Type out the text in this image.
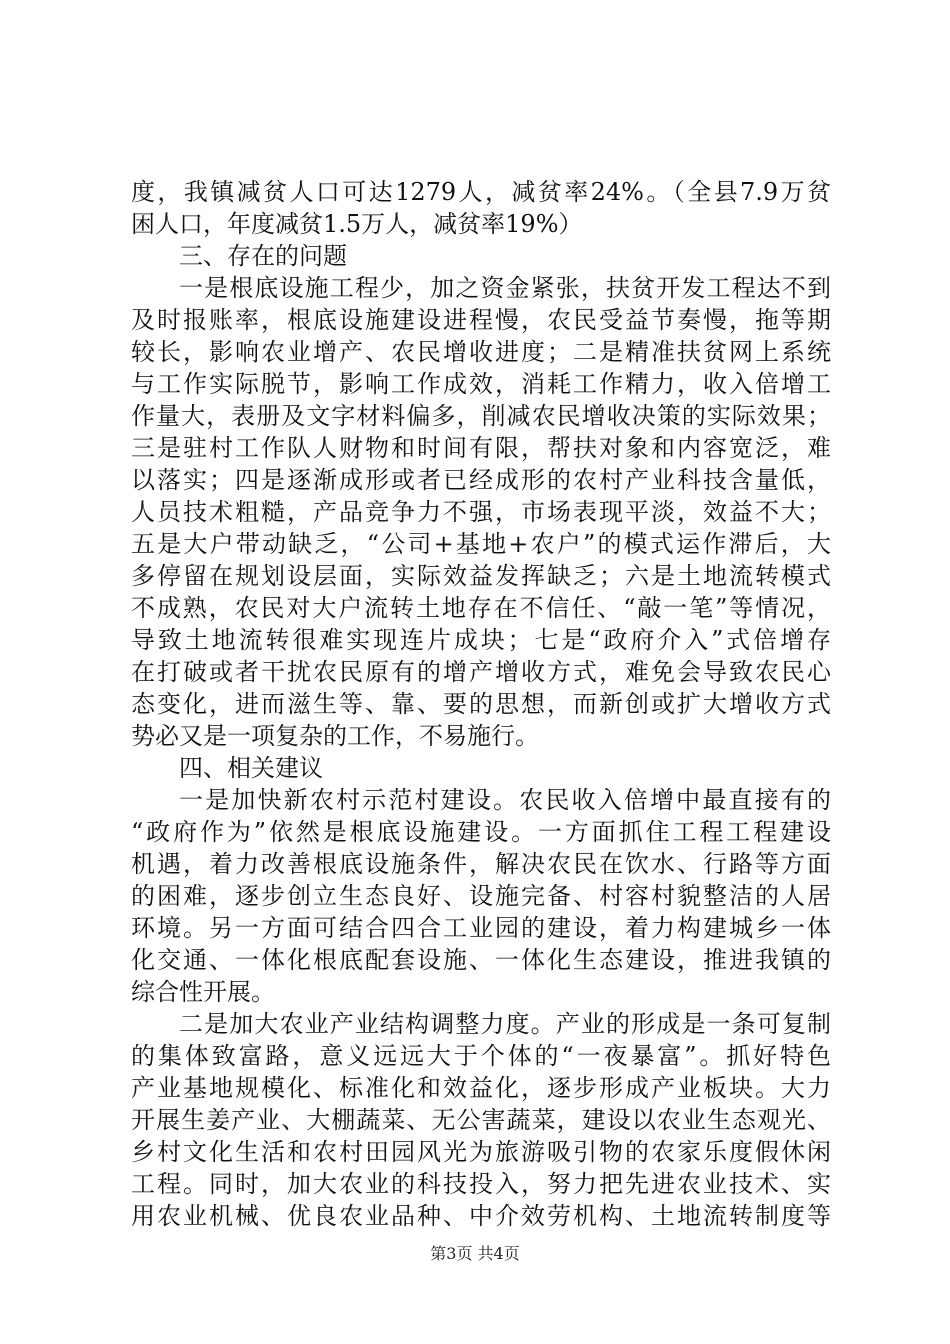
度，我镇减贫人口可达1279人，减贫率24%。（全县7.9万贫
困人口，年度减贫1.5万人，减贫率19%）
三、存在的问题
一是根底设施工程少，加之资金紧张，扶贫开发工程达不到
及时报账率，根底设施建设进程慢，农民受益节奏慢，拖等期
较长，影响农业增产、农民增收进度；二是精准扶贫网上系统
与工作实际脱节，影响工作成效，消耗工作精力，收入倍增工
作量大，表册及文字材料偏多，削减农民增收决策的实际效果；
三是驻村工作队人财物和时间有限，帮扶对象和内容宽泛，难
以落实；四是逐渐成形或者已经成形的农村产业科技含量低，
人员技术粗糙，产品竞争力不强，市场表现平淡，效益不大；
五是大户带动缺乏，“公司+基地+农户”的模式运作滞后，大
多停留在规划设层面，实际效益发挥缺乏；六是土地流转模式
不成熟，农民对大户流转土地存在不信任、“敲一笔”等情况，
导致土地流转很难实现连片成块；七是“政府介入”式倍增存
在打破或者干扰农民原有的增产增收方式，难免会导致农民心
态变化，进而滋生等、靠、要的思想，而新创或扩大增收方式
势必又是一项复杂的工作，不易施行。
四、相关建议
一是加快新农村示范村建设。农民收入倍增中最直接有的
“政府作为”依然是根底设施建设。一方面抓住工程工程建设
机遇，着力改善根底设施条件，解决农民在饮水、行路等方面
的困难，逐步创立生态良好、设施完备、村容村貌整洁的人居
环境。另一方面可结合四合工业园的建设，着力构建城乡一体
化交通、一体化根底配套设施、一体化生态建设，推进我镇的
综合性开展。
二是加大农业产业结构调整力度。产业的形成是一条可复制
的集体致富路，意义远远大于个体的“一夜暴富”。抓好特色
产业基地规模化、标准化和效益化，逐步形成产业板块。大力
开展生姜产业、大棚蔬菜、无公害蔬菜，建设以农业生态观光、
乡村文化生活和农村田园风光为旅游吸引物的农家乐度假休闲
工程。同时，加大农业的科技投入，努力把先进农业技术、实
用农业机械、优良农业品种、中介效劳机构、土地流转制度等
第3页 共4页
